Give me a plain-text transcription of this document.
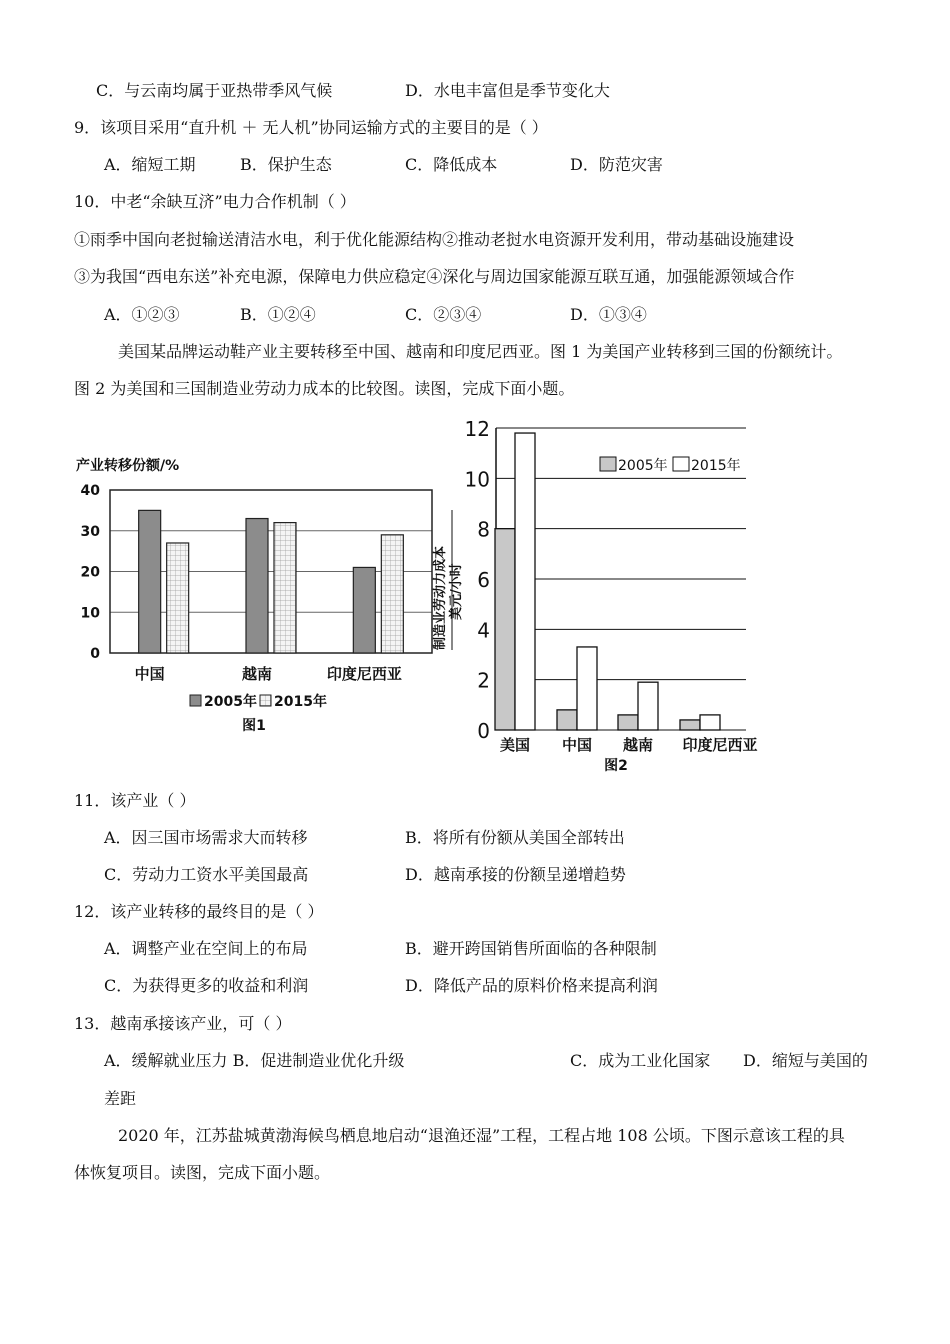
C．与云南均属于亚热带季风气候	D．水电丰富但是季节变化大
9．该项目采用“直升机 ＋ 无人机”协同运输方式的主要目的是（ ）
A．缩短工期	B．保护生态	C．降低成本	D．防范灾害
10．中老“余缺互济”电力合作机制（ ）
①雨季中国向老挝输送清洁水电，利于优化能源结构②推动老挝水电资源开发利用，带动基础设施建设
③为我国“西电东送”补充电源，保障电力供应稳定④深化与周边国家能源互联互通，加强能源领域合作
A．①②③	B．①②④	C．②③④	D．①③④
美国某品牌运动鞋产业主要转移至中国、越南和印度尼西亚。图 1 为美国产业转移到三国的份额统计。
图 2 为美国和三国制造业劳动力成本的比较图。读图，完成下面小题。
产业转移份额/%
0
10
20
30
40
中国	越南	印度尼西亚
2005年 2015年
图1	0
2
4
6
8
10
12
制造业劳动力成本 美元/小时
美国 中国 越南 印度尼西亚
2005年 2015年
图2
11．该产业（ ）
A．因三国市场需求大而转移	B．将所有份额从美国全部转出
C．劳动力工资水平美国最高	D．越南承接的份额呈递增趋势
12．该产业转移的最终目的是（ ）
A．调整产业在空间上的布局	B．避开跨国销售所面临的各种限制
C．为获得更多的收益和利润	D．降低产品的原料价格来提高利润
13．越南承接该产业，可（ ）
A．缓解就业压力 B．促进制造业优化升级	C．成为工业化国家 D．缩短与美国的
差距
2020 年，江苏盐城黄渤海候鸟栖息地启动“退渔还湿”工程，工程占地 108 公顷。下图示意该工程的具
体恢复项目。读图，完成下面小题。
